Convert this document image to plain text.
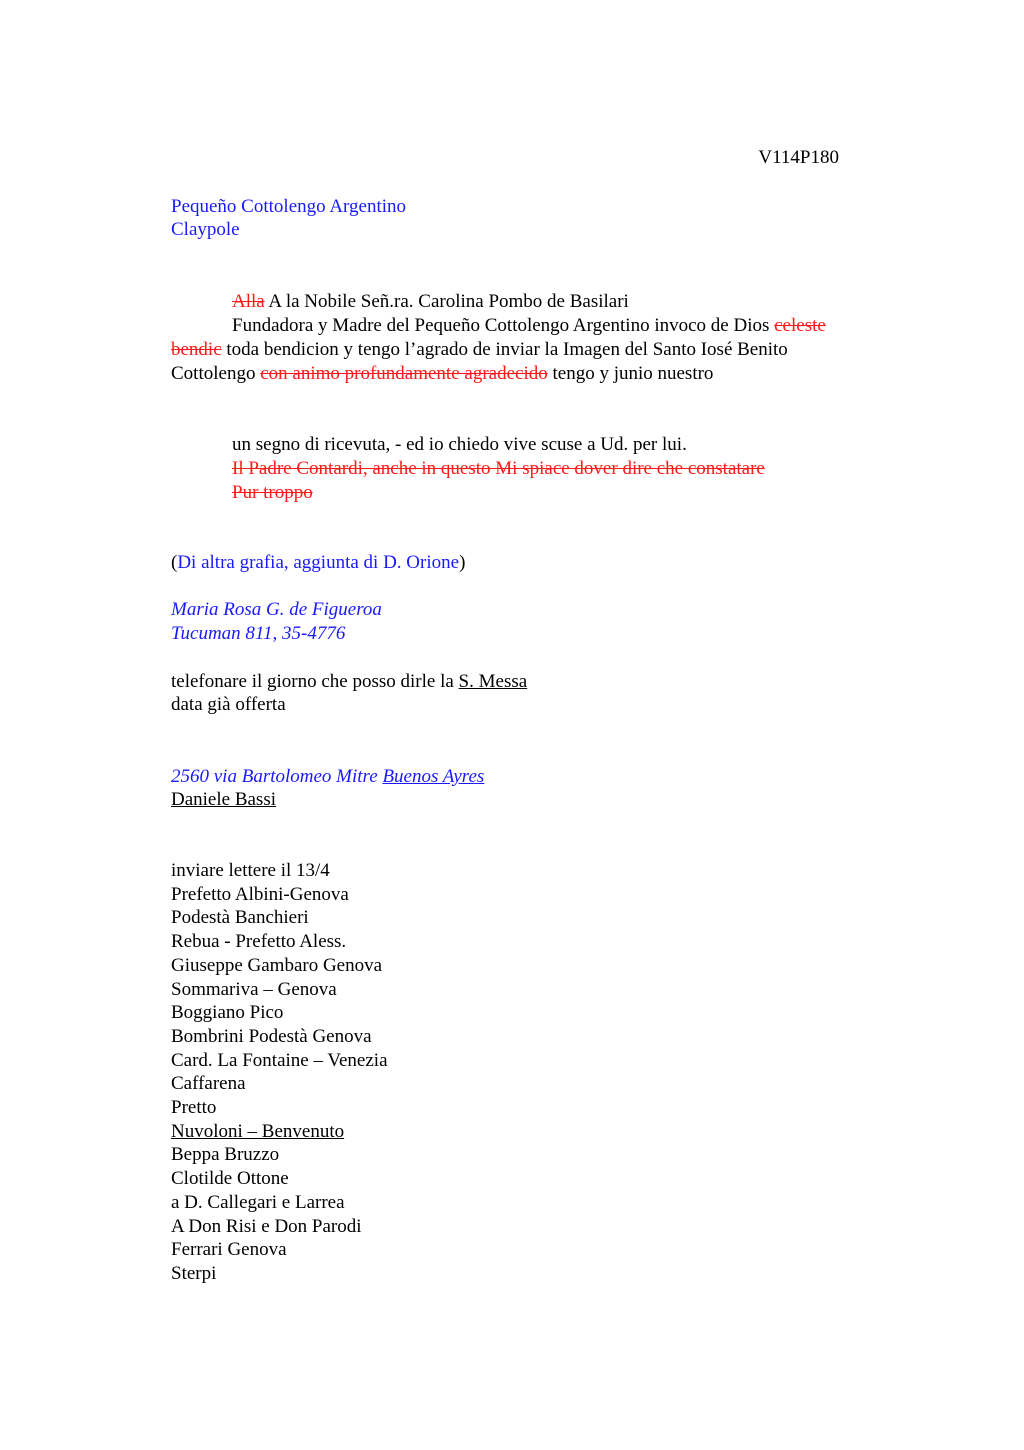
V114P180
Pequeño Cottolengo Argentino
Claypole
Alla A la Nobile Señ.ra. Carolina Pombo de Basilari
Fundadora y Madre del Pequeño Cottolengo Argentino invoco de Dios celeste
bendic toda bendicion y tengo l’agrado de inviar la Imagen del Santo Iosé Benito
Cottolengo con animo profundamente agradecido tengo y junio nuestro
un segno di ricevuta, - ed io chiedo vive scuse a Ud. per lui.
Il Padre Contardi, anche in questo Mi spiace dover dire che constatare
Pur troppo
(Di altra grafia, aggiunta di D. Orione)
Maria Rosa G. de Figueroa
Tucuman 811, 35-4776
telefonare il giorno che posso dirle la S. Messa
data già offerta
2560 via Bartolomeo Mitre Buenos Ayres
Daniele Bassi
inviare lettere il 13/4
Prefetto Albini-Genova
Podestà Banchieri
Rebua - Prefetto Aless.
Giuseppe Gambaro Genova
Sommariva – Genova
Boggiano Pico
Bombrini Podestà Genova
Card. La Fontaine – Venezia
Caffarena
Pretto
Nuvoloni – Benvenuto
Beppa Bruzzo
Clotilde Ottone
a D. Callegari e Larrea
A Don Risi e Don Parodi
Ferrari Genova
Sterpi
